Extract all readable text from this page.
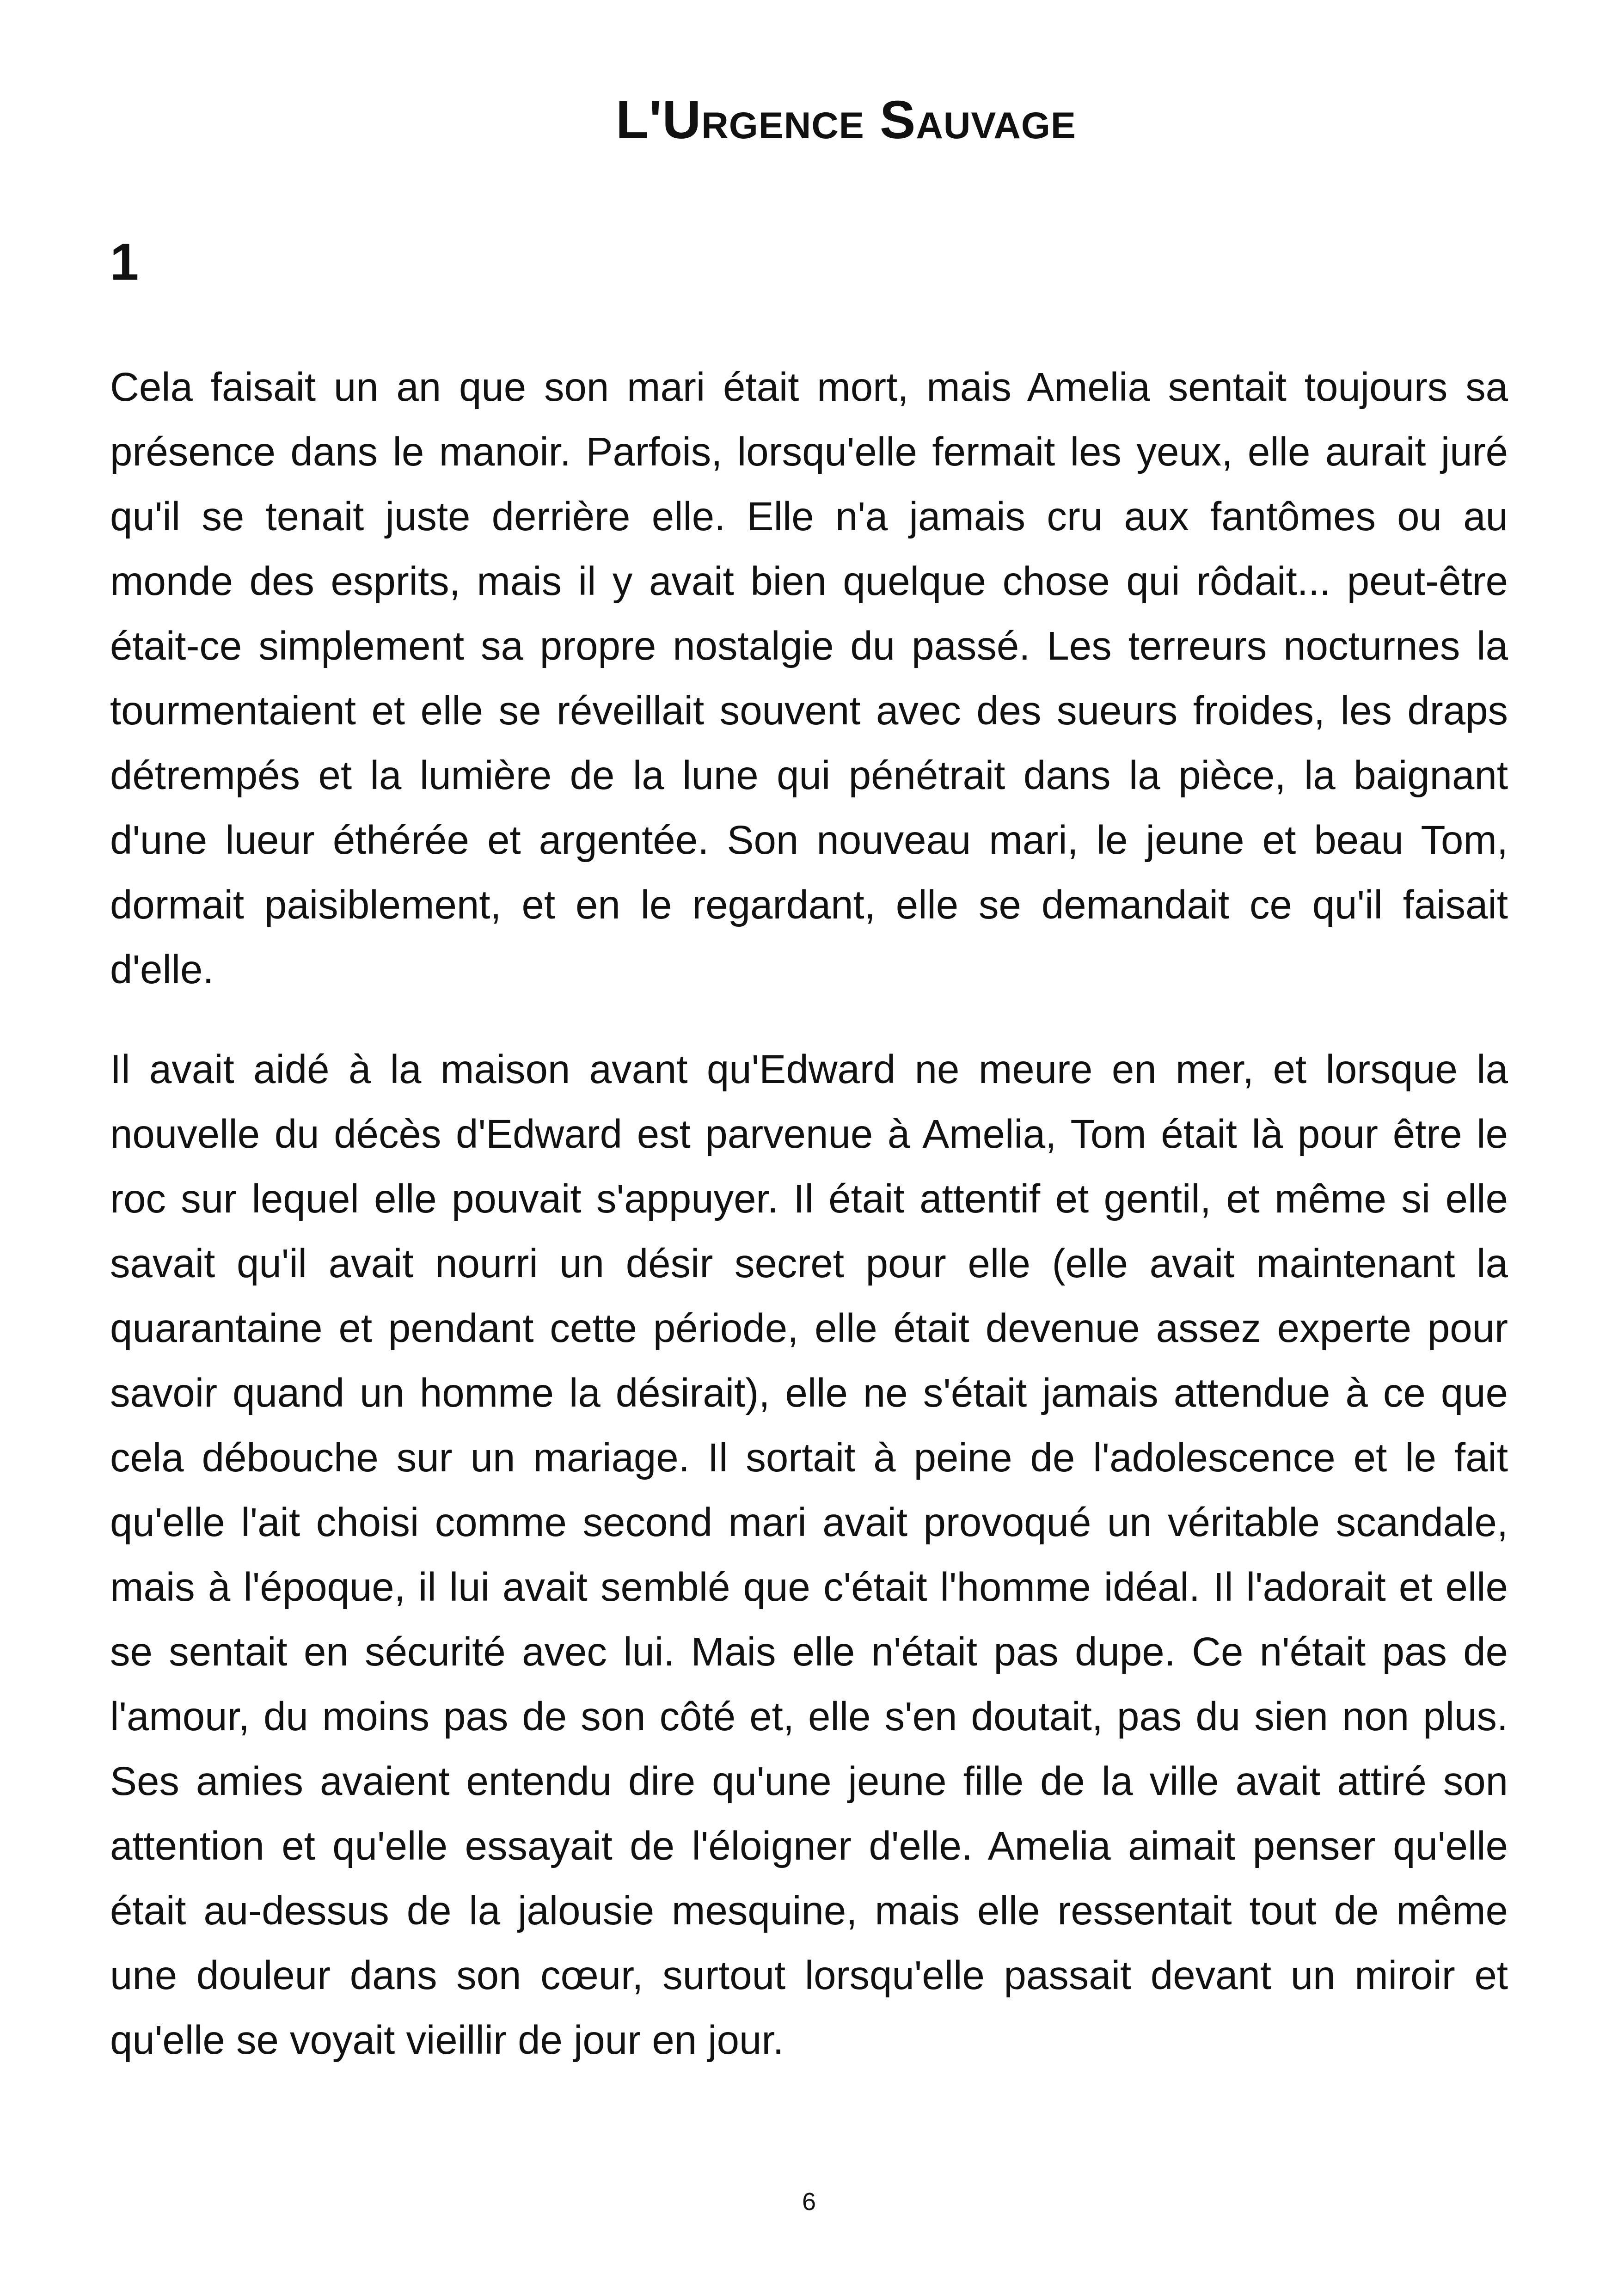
L'Urgence Sauvage
1

Cela faisait un an que son mari était mort, mais Amelia sentait toujours sa présence dans le manoir. Parfois, lorsqu'elle fermait les yeux, elle aurait juré qu'il se tenait juste derrière elle. Elle n'a jamais cru aux fantômes ou au monde des esprits, mais il y avait bien quelque chose qui rôdait... peut-être était-ce simplement sa propre nostalgie du passé. Les terreurs nocturnes la tourmentaient et elle se réveillait souvent avec des sueurs froides, les draps détrempés et la lumière de la lune qui pénétrait dans la pièce, la baignant d'une lueur éthérée et argentée. Son nouveau mari, le jeune et beau Tom, dormait paisiblement, et en le regardant, elle se demandait ce qu'il faisait d'elle.

Il avait aidé à la maison avant qu'Edward ne meure en mer, et lorsque la nouvelle du décès d'Edward est parvenue à Amelia, Tom était là pour être le roc sur lequel elle pouvait s'appuyer. Il était attentif et gentil, et même si elle savait qu'il avait nourri un désir secret pour elle (elle avait maintenant la quarantaine et pendant cette période, elle était devenue assez experte pour savoir quand un homme la désirait), elle ne s'était jamais attendue à ce que cela débouche sur un mariage. Il sortait à peine de l'adolescence et le fait qu'elle l'ait choisi comme second mari avait provoqué un véritable scandale, mais à l'époque, il lui avait semblé que c'était l'homme idéal. Il l'adorait et elle se sentait en sécurité avec lui. Mais elle n'était pas dupe. Ce n'était pas de l'amour, du moins pas de son côté et, elle s'en doutait, pas du sien non plus. Ses amies avaient entendu dire qu'une jeune fille de la ville avait attiré son attention et qu'elle essayait de l'éloigner d'elle. Amelia aimait penser qu'elle était au-dessus de la jalousie mesquine, mais elle ressentait tout de même une douleur dans son cœur, surtout lorsqu'elle passait devant un miroir et qu'elle se voyait vieillir de jour en jour.

6
